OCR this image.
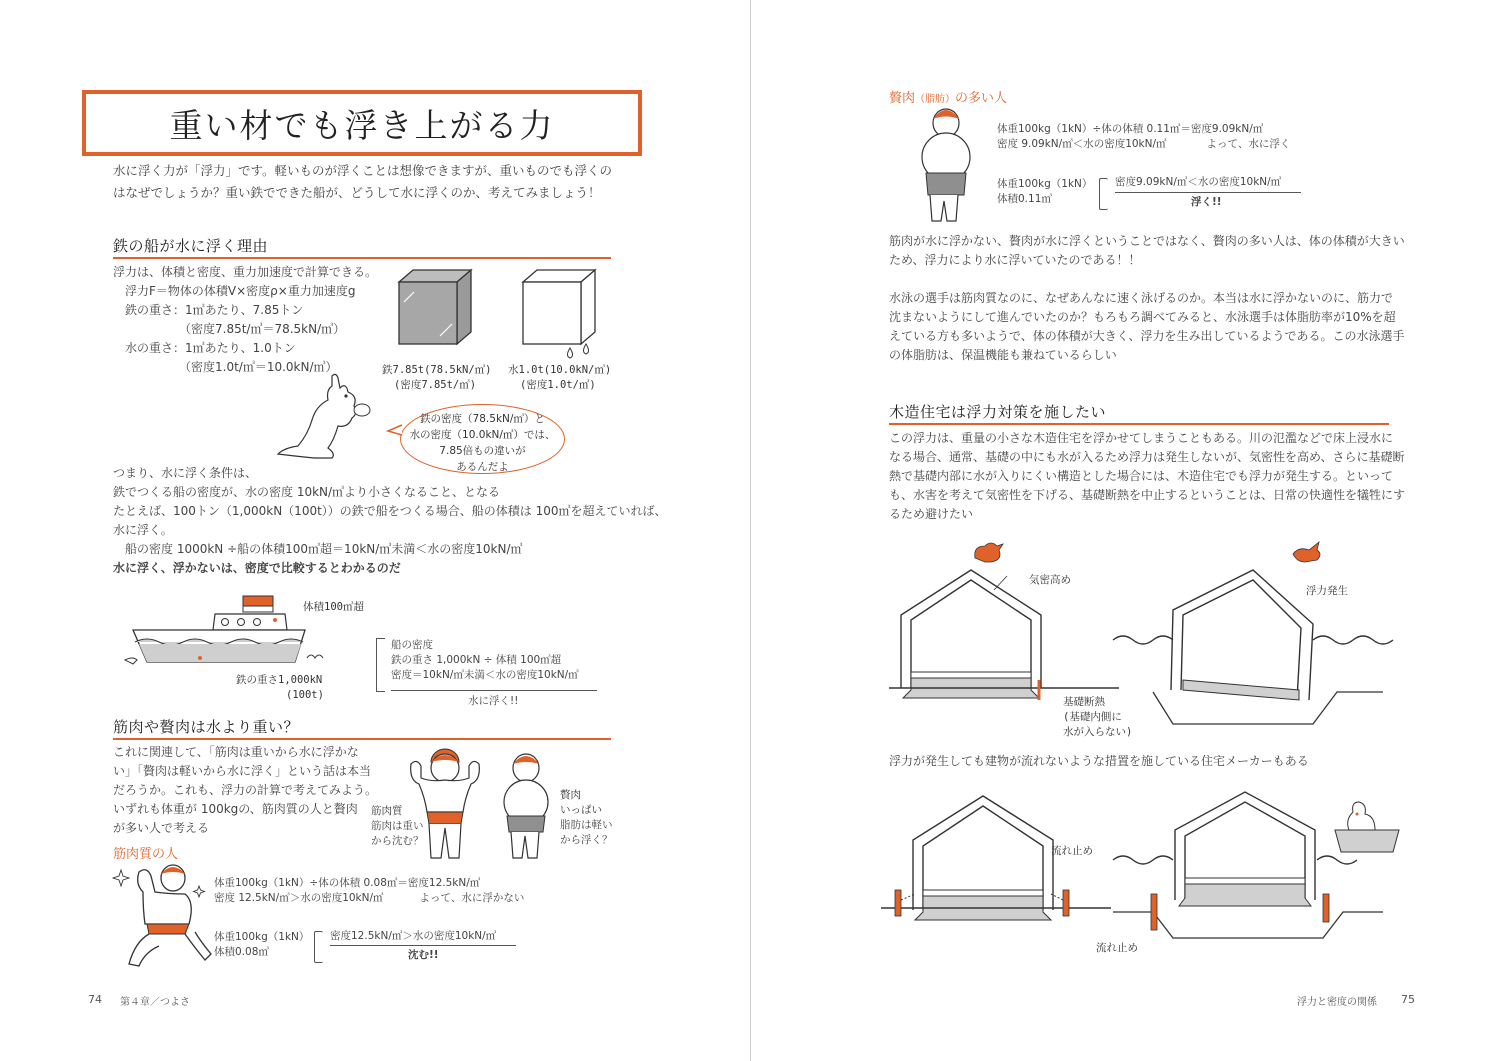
重い材でも浮き上がる力
水に浮く力が「浮力」です。軽いものが浮くことは想像できますが、重いものでも浮くの
はなぜでしょうか？重い鉄でできた船が、どうして水に浮くのか、考えてみましょう！
鉄の船が水に浮く理由
浮力は、体積と密度、重力加速度で計算できる。
浮力F＝物体の体積V×密度ρ×重力加速度g
鉄の重さ：1㎥あたり、7.85トン
（密度7.85t/㎥＝78.5kN/㎥）
水の重さ：1㎥あたり、1.0トン
（密度1.0t/㎥＝10.0kN/㎥）	鉄7.85t(78.5kN/㎥)
(密度7.85t/㎥)
水1.0t(10.0kN/㎥)
(密度1.0t/㎥)
鉄の密度（78.5kN/㎥）と
水の密度（10.0kN/㎥）では、
7.85倍もの違いが
あるんだよ
つまり、水に浮く条件は、
鉄でつくる船の密度が、水の密度 10kN/㎥より小さくなること、となる
たとえば、100トン（1,000kN（100t））の鉄で船をつくる場合、船の体積は 100㎥を超えていれば、
水に浮く。
船の密度 1000kN ÷船の体積100㎥超＝10kN/㎥未満＜水の密度10kN/㎥
水に浮く、浮かないは、密度で比較するとわかるのだ
体積100㎥超
鉄の重さ1,000kN
(100t)
船の密度
鉄の重さ 1,000kN ÷ 体積 100㎥超
密度＝10kN/㎥未満＜水の密度10kN/㎥
水に浮く!!
筋肉や贅肉は水より重い？
これに関連して、「筋肉は重いから水に浮かな
い」「贅肉は軽いから水に浮く」という話は本当
だろうか。これも、浮力の計算で考えてみよう。
いずれも体重が 100kgの、筋肉質の人と贅肉
が多い人で考える
筋肉質
筋肉は重い
から沈む？
贅肉
いっぱい
脂肪は軽い
から浮く？
筋肉質の人
体重100kg（1kN）÷体の体積 0.08㎥＝密度12.5kN/㎥
密度 12.5kN/㎥＞水の密度10kN/㎥	よって、水に浮かない
体重100kg（1kN）
体積0.08㎥
密度12.5kN/㎥＞水の密度10kN/㎥
沈む!!
74 第４章／つよさ
贅肉（脂肪）の多い人
体重100kg（1kN）÷体の体積 0.11㎥＝密度9.09kN/㎥
密度 9.09kN/㎥＜水の密度10kN/㎥	よって、水に浮く
体重100kg（1kN）
体積0.11㎥
密度9.09kN/㎥＜水の密度10kN/㎥
浮く!!
筋肉が水に浮かない、贅肉が水に浮くということではなく、贅肉の多い人は、体の体積が大きい
ため、浮力により水に浮いていたのである！！
水泳の選手は筋肉質なのに、なぜあんなに速く泳げるのか。本当は水に浮かないのに、筋力で
沈まないようにして進んでいたのか？もろもろ調べてみると、水泳選手は体脂肪率が10%を超
えている方も多いようで、体の体積が大きく、浮力を生み出しているようである。この水泳選手
の体脂肪は、保温機能も兼ねているらしい
木造住宅は浮力対策を施したい
この浮力は、重量の小さな木造住宅を浮かせてしまうこともある。川の氾濫などで床上浸水に
なる場合、通常、基礎の中にも水が入るため浮力は発生しないが、気密性を高め、さらに基礎断
熱で基礎内部に水が入りにくい構造とした場合には、木造住宅でも浮力が発生する。といって
も、水害を考えて気密性を下げる、基礎断熱を中止するということは、日常の快適性を犠牲にす
るため避けたい
気密高め
基礎断熱
(基礎内側に
水が入らない)
浮力発生
浮力が発生しても建物が流れないような措置を施している住宅メーカーもある
流れ止め
流れ止め
浮力と密度の関係 75
